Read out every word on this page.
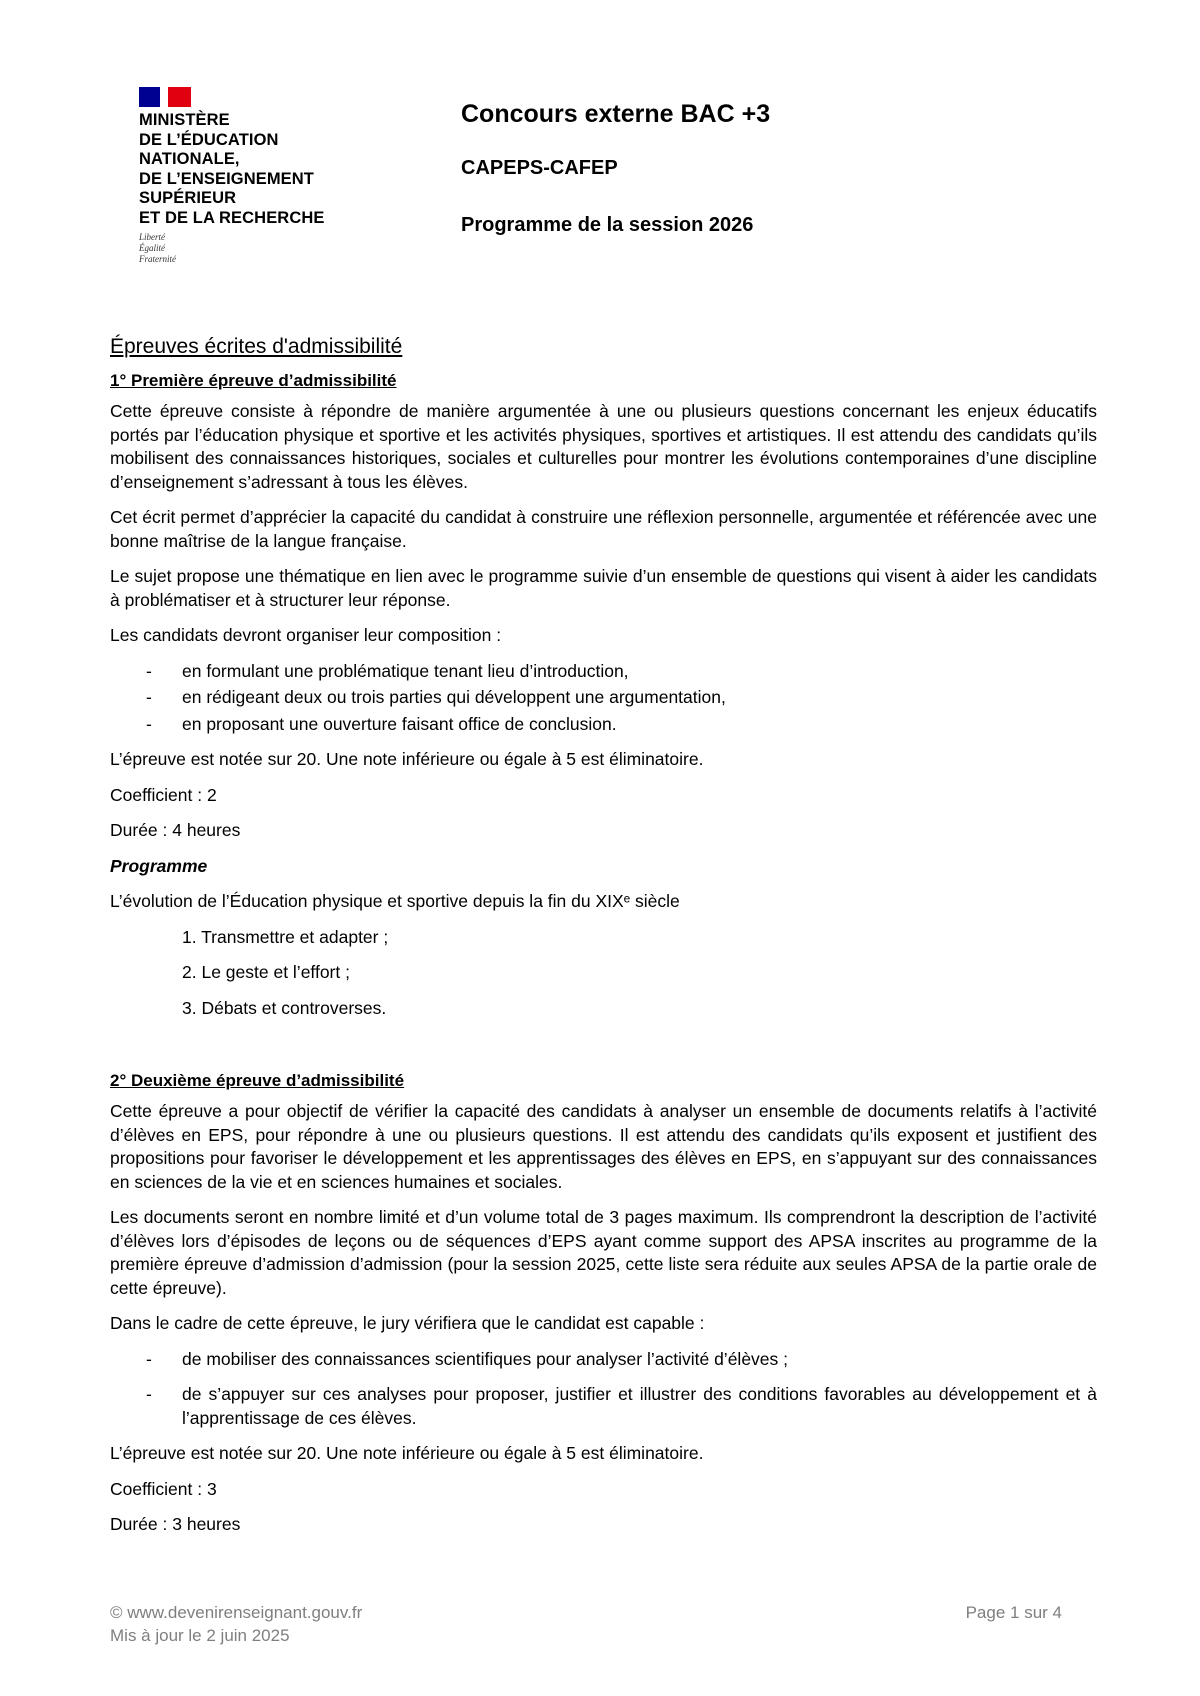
MINISTÈRE
DE L’ÉDUCATION
NATIONALE,
DE L’ENSEIGNEMENT
SUPÉRIEUR
ET DE LA RECHERCHE
Liberté
Égalité
Fraternité
Concours externe BAC +3
CAPEPS-CAFEP
Programme de la session 2026
Épreuves écrites d'admissibilité
1° Première épreuve d’admissibilité

Cette épreuve consiste à répondre de manière argumentée à une ou plusieurs questions concernant les enjeux éducatifs portés par l’éducation physique et sportive et les activités physiques, sportives et artistiques. Il est attendu des candidats qu’ils mobilisent des connaissances historiques, sociales et culturelles pour montrer les évolutions contemporaines d’une discipline d’enseignement s’adressant à tous les élèves.

Cet écrit permet d’apprécier la capacité du candidat à construire une réflexion personnelle, argumentée et référencée avec une bonne maîtrise de la langue française.

Le sujet propose une thématique en lien avec le programme suivie d’un ensemble de questions qui visent à aider les candidats à problématiser et à structurer leur réponse.

Les candidats devront organiser leur composition :

- en formulant une problématique tenant lieu d’introduction,
- en rédigeant deux ou trois parties qui développent une argumentation,
- en proposant une ouverture faisant office de conclusion.

L’épreuve est notée sur 20. Une note inférieure ou égale à 5 est éliminatoire.

Coefficient : 2

Durée : 4 heures

Programme

L’évolution de l’Éducation physique et sportive depuis la fin du XIXᵉ siècle

1. Transmettre et adapter ;
2. Le geste et l’effort ;
3. Débats et controverses.
2° Deuxième épreuve d’admissibilité

Cette épreuve a pour objectif de vérifier la capacité des candidats à analyser un ensemble de documents relatifs à l’activité d’élèves en EPS, pour répondre à une ou plusieurs questions. Il est attendu des candidats qu’ils exposent et justifient des propositions pour favoriser le développement et les apprentissages des élèves en EPS, en s’appuyant sur des connaissances en sciences de la vie et en sciences humaines et sociales.

Les documents seront en nombre limité et d’un volume total de 3 pages maximum. Ils comprendront la description de l’activité d’élèves lors d’épisodes de leçons ou de séquences d’EPS ayant comme support des APSA inscrites au programme de la première épreuve d’admission d’admission (pour la session 2025, cette liste sera réduite aux seules APSA de la partie orale de cette épreuve).

Dans le cadre de cette épreuve, le jury vérifiera que le candidat est capable :

- de mobiliser des connaissances scientifiques pour analyser l’activité d’élèves ;
- de s’appuyer sur ces analyses pour proposer, justifier et illustrer des conditions favorables au développement et à l’apprentissage de ces élèves.

L’épreuve est notée sur 20. Une note inférieure ou égale à 5 est éliminatoire.

Coefficient : 3

Durée : 3 heures

© www.devenirenseignant.gouv.fr
Mis à jour le 2 juin 2025
Page 1 sur 4
